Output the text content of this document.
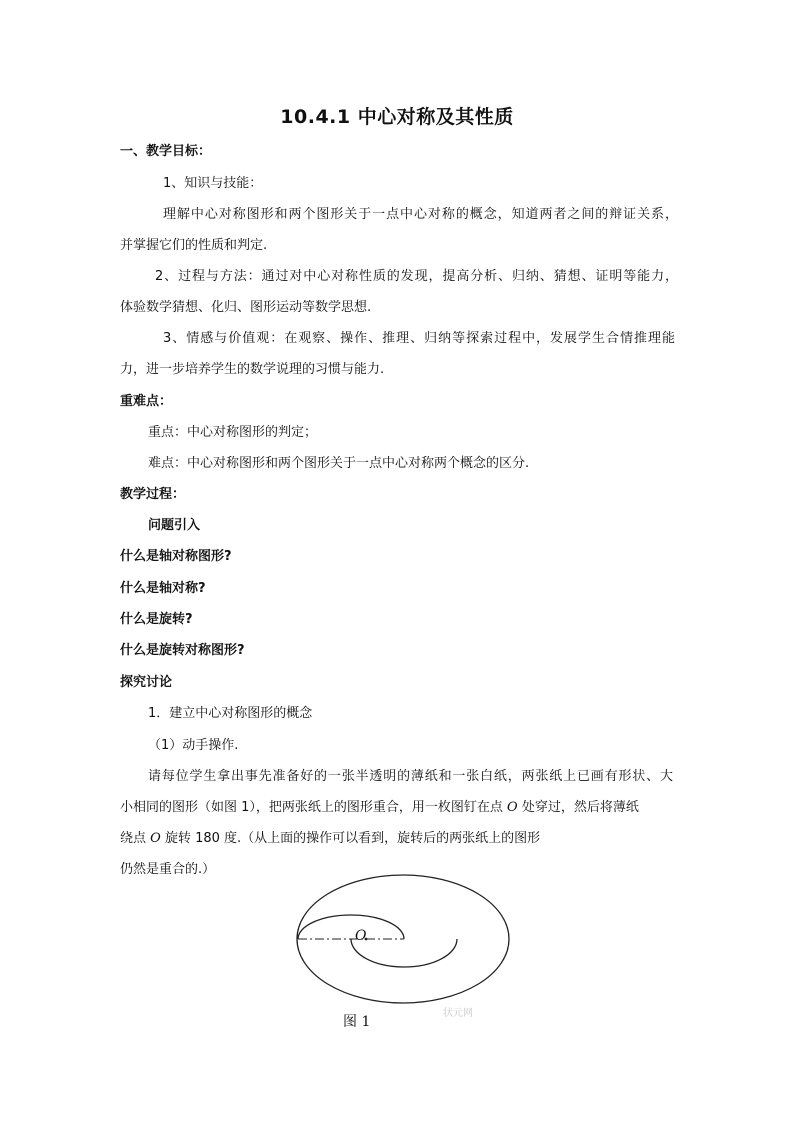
10.4.1 中心对称及其性质
一、教学目标：
1、知识与技能：
理解中心对称图形和两个图形关于一点中心对称的概念，知道两者之间的辩证关系，
并掌握它们的性质和判定.
2、过程与方法：通过对中心对称性质的发现，提高分析、归纳、猜想、证明等能力，
体验数学猜想、化归、图形运动等数学思想.
3、情感与价值观：在观察、操作、推理、归纳等探索过程中，发展学生合情推理能
力，进一步培养学生的数学说理的习惯与能力.
重难点：
重点：中心对称图形的判定；
难点：中心对称图形和两个图形关于一点中心对称两个概念的区分.
教学过程：
问题引入
什么是轴对称图形?
什么是轴对称?
什么是旋转?
什么是旋转对称图形?
探究讨论
1．建立中心对称图形的概念
（1）动手操作.
请每位学生拿出事先准备好的一张半透明的薄纸和一张白纸，两张纸上已画有形状、大
小相同的图形（如图 1），把两张纸上的图形重合，用一枚图钉在点 O 处穿过，然后将薄纸
绕点 O 旋转 180 度.（从上面的操作可以看到，旋转后的两张纸上的图形
仍然是重合的.）
O
状元网
图 1
